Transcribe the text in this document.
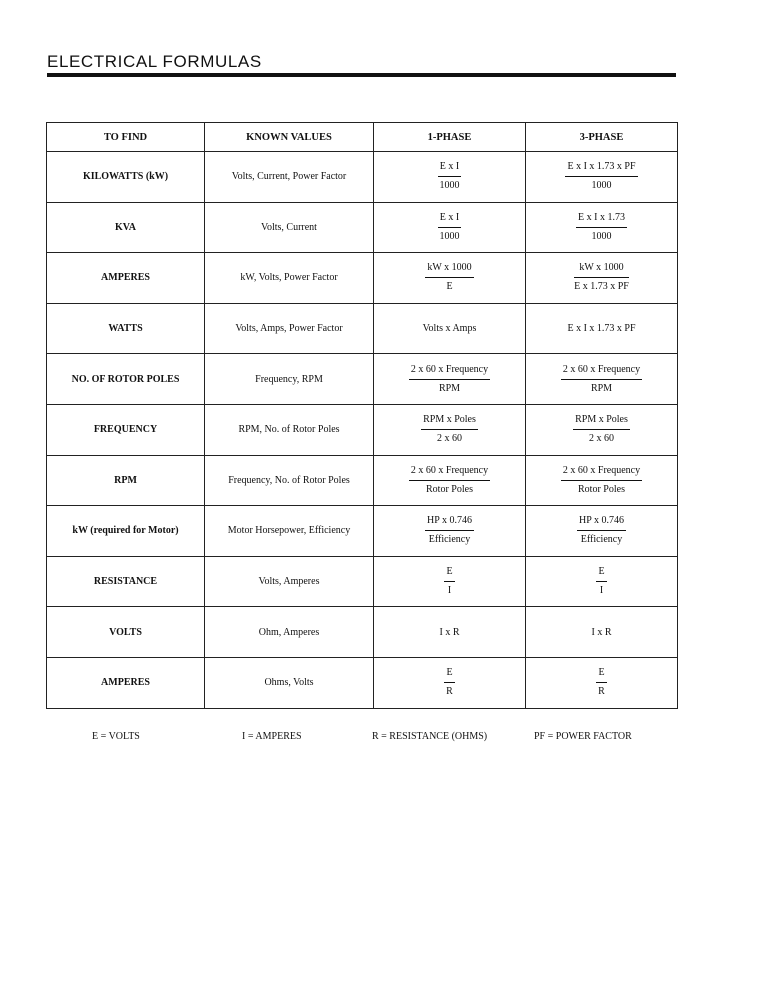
ELECTRICAL FORMULAS
TO FIND	KNOWN VALUES	1-PHASE	3-PHASE
KILOWATTS (kW)	Volts, Current, Power Factor	$\frac{\text{E x I}}{1000}$	$\frac{\text{E x I x 1.73 x PF}}{1000}$

KVA	Volts, Current	$\frac{\text{E x I}}{1000}$	$\frac{\text{E x I x 1.73}}{1000}$

AMPERES	kW, Volts, Power Factor	$\frac{\text{kW x 1000}}{E}$	$\frac{\text{kW x 1000}}{\text{E x 1.73 x PF}}$

WATTS	Volts, Amps, Power Factor	Volts x Amps	E x I x 1.73 x PF
NO. OF ROTOR POLES	Frequency, RPM	$\frac{\text{2 x 60 x Frequency}}{\text{RPM}}$	$\frac{\text{2 x 60 x Frequency}}{\text{RPM}}$

FREQUENCY	RPM, No. of Rotor Poles	$\frac{\text{RPM x Poles}}{2 x 60}$	$\frac{\text{RPM x Poles}}{2 x 60}$

RPM	Frequency, No. of Rotor Poles	$\frac{\text{2 x 60 x Frequency}}{\text{Rotor Poles}}$	$\frac{\text{2 x 60 x Frequency}}{\text{Rotor Poles}}$

kW (required for Motor)	Motor Horsepower, Efficiency	$\frac{\text{HP x 0.746}}{\text{Efficiency}}$	$\frac{\text{HP x 0.746}}{\text{Efficiency}}$

RESISTANCE	Volts, Amperes	$\frac{E}{I}$	$\frac{E}{I}$

VOLTS	Ohm, Amperes	I x R	I x R
AMPERES	Ohms, Volts	$\frac{E}{R}$	$\frac{E}{R}$
E = VOLTS	I = AMPERES	R = RESISTANCE (OHMS)	PF = POWER FACTOR
